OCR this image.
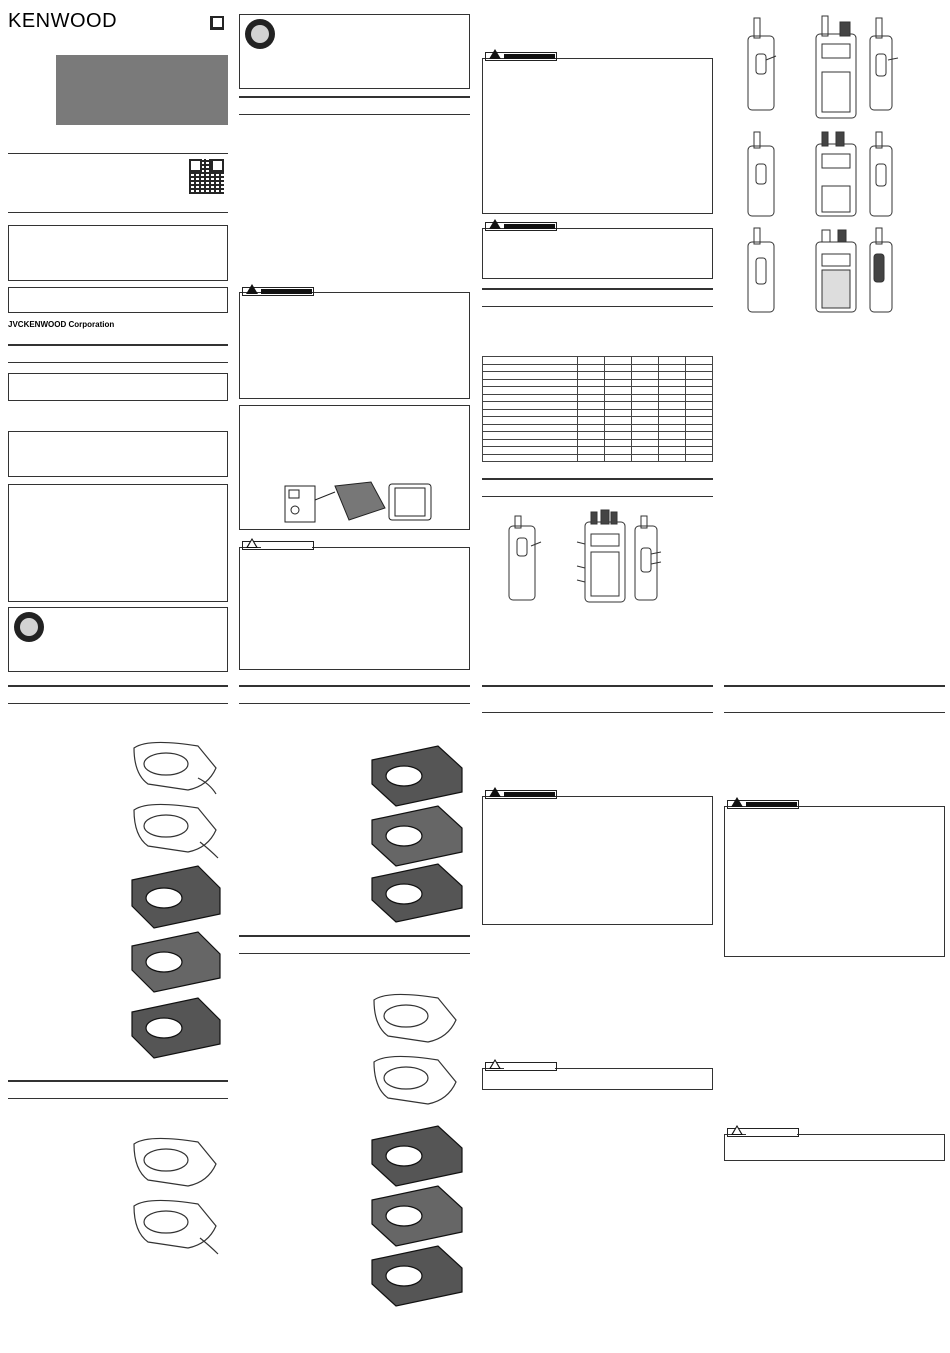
KENWOOD
JVCKENWOOD Corporation
